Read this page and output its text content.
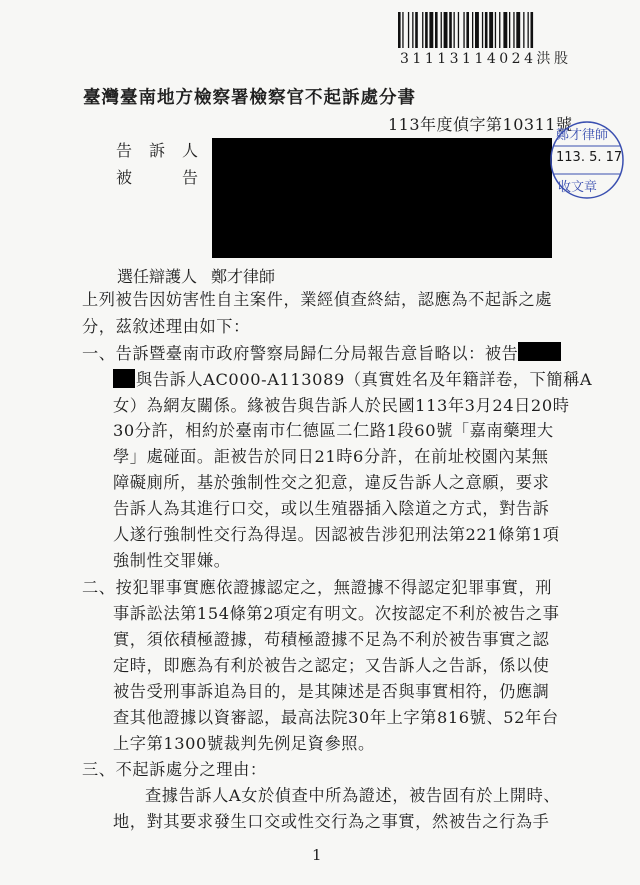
31113114024洪股
臺灣臺南地方檢察署檢察官不起訴處分書
113年度偵字第10311號
告 訴 人
被	告
鄭才律師
113. 5. 17
收文章
選任辯護人 鄭才律師
上列被告因妨害性自主案件，業經偵查終結，認應為不起訴之處
分，茲敘述理由如下：
一、告訴暨臺南市政府警察局歸仁分局報告意旨略以：被告
與告訴人AC000-A113089（真實姓名及年籍詳卷，下簡稱A
女）為網友關係。緣被告與告訴人於民國113年3月24日20時
30分許，相約於臺南市仁德區二仁路1段60號「嘉南藥理大
學」處碰面。詎被告於同日21時6分許，在前址校園內某無
障礙廁所，基於強制性交之犯意，違反告訴人之意願，要求
告訴人為其進行口交，或以生殖器插入陰道之方式，對告訴
人遂行強制性交行為得逞。因認被告涉犯刑法第221條第1項
強制性交罪嫌。
二、按犯罪事實應依證據認定之，無證據不得認定犯罪事實，刑
事訴訟法第154條第2項定有明文。次按認定不利於被告之事
實，須依積極證據，苟積極證據不足為不利於被告事實之認
定時，即應為有利於被告之認定；又告訴人之告訴，係以使
被告受刑事訴追為目的，是其陳述是否與事實相符，仍應調
查其他證據以資審認，最高法院30年上字第816號、52年台
上字第1300號裁判先例足資參照。
三、不起訴處分之理由：
查據告訴人A女於偵查中所為證述，被告固有於上開時、
地，對其要求發生口交或性交行為之事實，然被告之行為手
1
